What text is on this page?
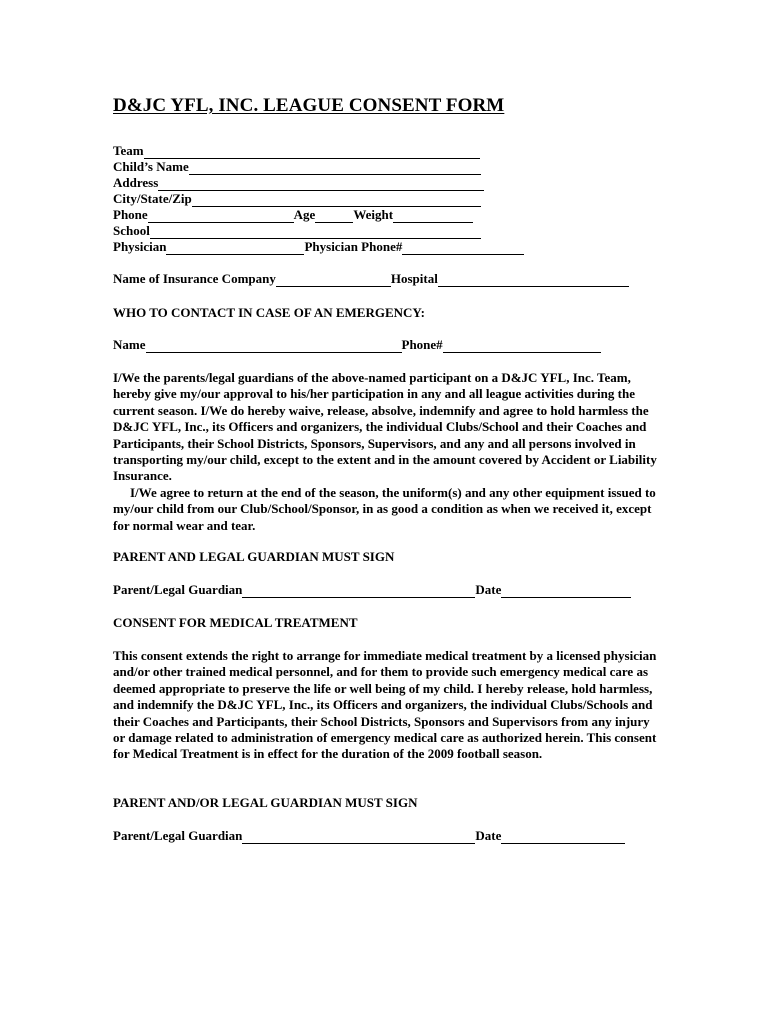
D&JC YFL, INC. LEAGUE CONSENT FORM
Team
Child’s Name
Address
City/State/Zip
Phone	Age	Weight
School
Physician	Physician Phone#
Name of Insurance Company	Hospital
WHO TO CONTACT IN CASE OF AN EMERGENCY:
Name	Phone#

I/We the parents/legal guardians of the above-named participant on a D&JC YFL, Inc. Team, hereby give my/our approval to his/her participation in any and all league activities during the current season. I/We do hereby waive, release, absolve, indemnify and agree to hold harmless the D&JC YFL, Inc., its Officers and organizers, the individual Clubs/School and their Coaches and Participants, their School Districts, Sponsors, Supervisors, and any and all persons involved in transporting my/our child, except to the extent and in the amount covered by Accident or Liability Insurance.

I/We agree to return at the end of the season, the uniform(s) and any other equipment issued to my/our child from our Club/School/Sponsor, in as good a condition as when we received it, except for normal wear and tear.

PARENT AND LEGAL GUARDIAN MUST SIGN
Parent/Legal Guardian	Date
CONSENT FOR MEDICAL TREATMENT

This consent extends the right to arrange for immediate medical treatment by a licensed physician and/or other trained medical personnel, and for them to provide such emergency medical care as deemed appropriate to preserve the life or well being of my child. I hereby release, hold harmless, and indemnify the D&JC YFL, Inc., its Officers and organizers, the individual Clubs/Schools and their Coaches and Participants, their School Districts, Sponsors and Supervisors from any injury or damage related to administration of emergency medical care as authorized herein. This consent for Medical Treatment is in effect for the duration of the 2009 football season.

PARENT AND/OR LEGAL GUARDIAN MUST SIGN
Parent/Legal Guardian	Date
